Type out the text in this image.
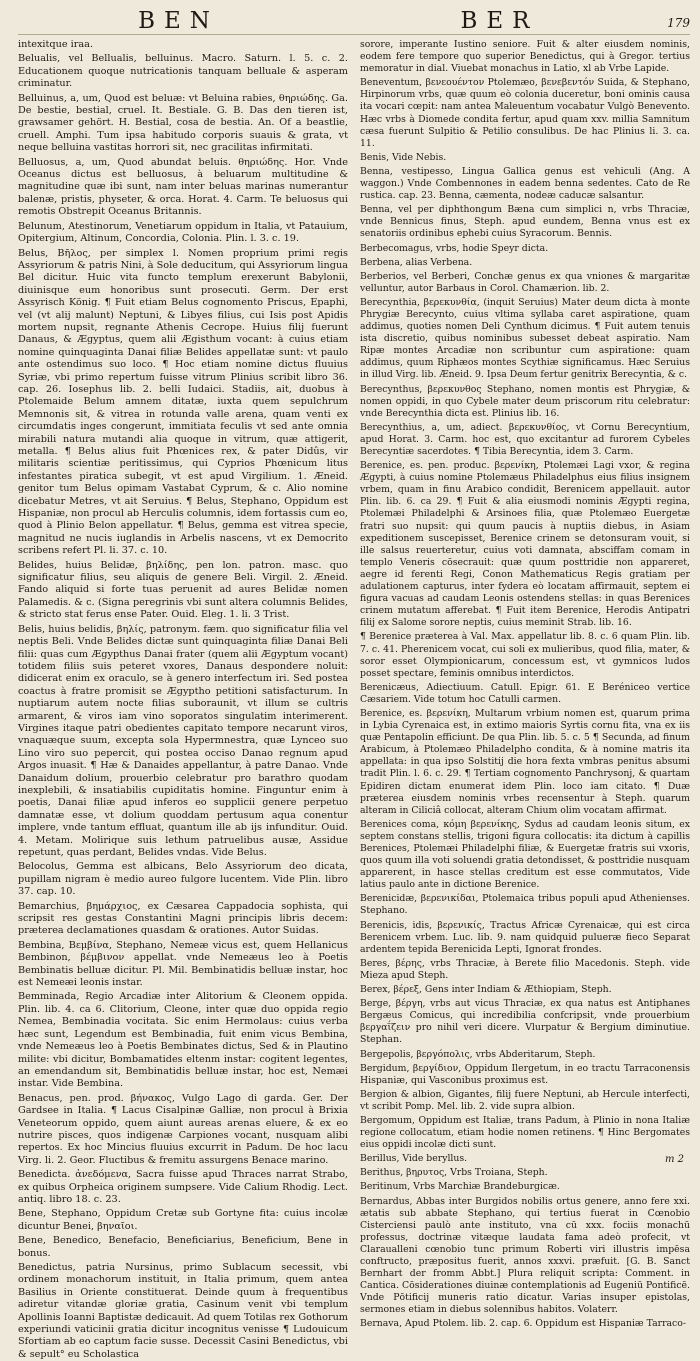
BEN	BER	179

intexitque iraa.

Belualis, vel Bellualis, belluinus. Macro. Saturn. l. 5. c. 2. Educationem quoque nutricationis tanquam belluale & asperam criminatur.

Belluinus, a, um, Quod est beluæ: vt Beluina rabies, θηριώδης. Ga. De bestie, bestial, cruel. It. Bestiale. G. B. Das den tieren ist, grawsamer gehört. H. Bestial, cosa de bestia. An. Of a beastlie, cruell. Amphi. Tum ipsa habitudo corporis suauis & grata, vt neque belluina vastitas horrori sit, nec gracilitas infirmitati.

Belluosus, a, um, Quod abundat beluis. θηριώδης. Hor. Vnde Oceanus dictus est belluosus, à beluarum multitudine & magnitudine quæ ibi sunt, nam inter beluas marinas numerantur balenæ, pristis, physeter, & orca. Horat. 4. Carm. Te beluosus qui remotis Obstrepit Oceanus Britannis.

Belunum, Atestinorum, Venetiarum oppidum in Italia, vt Patauium, Opitergium, Altinum, Concordia, Colonia. Plin. l. 3. c. 19.

Belus, Βῆλος, per simplex l. Nomen proprium primi regis Assyriorum & patris Nini, à Sole deducitum, qui Assyriorum lingua Bel dicitur. Huic vita functo templum erexerunt Babylonii, diuinisque eum honoribus sunt prosecuti. Germ. Der erst Assyrisch König. ¶ Fuit etiam Belus cognomento Priscus, Epaphi, vel (vt alij malunt) Neptuni, & Libyes filius, cui Isis post Apidis mortem nupsit, regnante Athenis Cecrope. Huius filij fuerunt Danaus, & Ægyptus, quem alii Ægisthum vocant: à cuius etiam nomine quinquaginta Danai filiæ Belides appellatæ sunt: vt paulo ante ostendimus suo loco. ¶ Hoc etiam nomine dictus fluuius Syriæ, vbi primo repertum fuisse vitrum Plinius scribit libro 36. cap. 26. Iosephus lib. 2. belli Iudaici. Stadiis, ait, duobus à Ptolemaide Belum amnem ditatæ, iuxta quem sepulchrum Memnonis sit, & vitrea in rotunda valle arena, quam venti ex circumdatis inges congerunt, immitiata feculis vt sed ante omnia mirabili natura mutandi alia quoque in vitrum, quæ attigerit, metalla. ¶ Belus alius fuit Phœnices rex, & pater Didûs, vir militaris scientiæ peritissimus, qui Cyprios Phœnicum litus infestantes piratica subegit, vt est apud Virgilium. 1. Æneid. genitor tum Belus opimam Vastabat Cyprum, & c. Alio nomine dicebatur Metres, vt ait Seruius. ¶ Belus, Stephano, Oppidum est Hispaniæ, non procul ab Herculis columnis, idem fortassis cum eo, quod à Plinio Belon appellatur. ¶ Belus, gemma est vitrea specie, magnitud ne nucis iuglandis in Arbelis nascens, vt ex Democrito scribens refert Pl. li. 37. c. 10.

Belides, huius Belidæ, βηλίδης, pen lon. patron. masc. quo significatur filius, seu aliquis de genere Beli. Virgil. 2. Æneid. Fando aliquid si forte tuas peruenit ad aures Belidæ nomen Palamedis. & c. (Signa peregrinis vbi sunt altera columnis Belides, & stricto stat ferus ense Pater. Ouid. Eleg. 1. li. 3 Trist.

Belis, huius belidis, βηλίς, patronym. fæm. quo significatur filia vel neptis Beli. Vnde Belides dictæ sunt quinquaginta filiæ Danai Beli filii: quas cum Ægypthus Danai frater (quem alii Ægyptum vocant) totidem filiis suis peteret vxores, Danaus desponderе noluit: didicerat enim ex oraculo, se à genero interfectum iri. Sed postea coactus à fratre promisit se Ægyptho petitioni satisfacturum. In nuptiarum autem nocte filias suboraunit, vt illum se cultris armarent, & viros iam vino soporatos singulatim interimerent. Virgines itaque patri obedientes capitato tempore necarunt viros, vnaquæque suum, exceptа sola Hypermnestra, quæ Lynceo suo Lino viro suo pepercit, qui postea occiso Danao regnum apud Argos inuasit. ¶ Hæ & Danaides appellantur, à patre Danao. Vnde Danaidum dolium, prouerbio celebratur pro barathro quodam inexplebili, & insatiabilis cupiditatis homine. Finguntur enim à poetis, Danai filiæ apud inferos eo supplicii genere perpetuo damnatæ esse, vt dolium quoddam pertusum aqua conentur implere, vnde tantum effluat, quantum ille ab ijs infunditur. Ouid. 4. Metam. Molirique suis lethum patruelibus ausæ, Assidue repetunt, quas perdant, Belides vndas. Vide Belus.

Belocolus, Gemma est albicans, Belo Assyriorum deo dicata, pupillam nigram è medio aureo fulgore lucentem. Vide Plin. libro 37. cap. 10.

Bemarchius, βημάρχιος, ex Cæsarea Cappadocia sophista, qui scripsit res gestas Constantini Magni principis libris decem: præterea declamationes quasdam & orationes. Autor Suidas.

Bembina, Βεμβίνα, Stephano, Nemeæ vicus est, quem Hellanicus Bembinon, βέμβινον appellat. vnde Nemeæus leo à Poetis Bembinatis belluæ dicitur. Pl. Mil. Bembinatidis belluæ instar, hoc est Nemeæi leonis instar.

Bemminada, Regio Arcadiæ inter Alitorium & Cleonem oppida. Plin. lib. 4. ca 6. Clitorium, Cleone, inter quæ duo oppida regio Nemea, Bembinadia vocitata. Sic enim Hermolaus: cuius verba hæc sunt, Legendum est Bembinadia, fuit enim vicus Bembina, vnde Nemeæus leo à Poetis Bembinates dictus, Sed & in Plautino milite: vbi dicitur, Bombamatides eltenm instar: cogitent legentes, an emendandum sit, Bembinatidis belluæ instar, hoc est, Nemæi instar. Vide Bembina.

Benacus, pen. prod. βήνακος, Vulgo Lago di garda. Ger. Der Gardsee in Italia. ¶ Lacus Cisalpinæ Galliæ, non procul à Brixia Veneteorum oppido, quem aiunt aureas arenas eluere, & ex eo nutrire pisces, quos indigenæ Carpiones vocant, nusquam alibi repertos. Ex hoc Mincius fluuius excurrit in Padum. De hoc lacu Virg. li. 2. Geor. Fluctibus & fremitu assurgens Benace marino.

Benedicta. ἀνεδόμενα, Sacra fuisse apud Thraces narrat Strabo, ex quibus Orpheica originem sumpsere. Vide Calium Rhodig. Lect. antiq. libro 18. c. 23.

Bene, Stephano, Oppidum Cretæ sub Gortyne fita: cuius incolæ dicuntur Benei, βηναῖοι.

Bene, Benedico, Benefacio, Beneficiarius, Beneficium, Bene in bonus.

Benedictus, patria Nursinus, primo Sublacum secessit, vbi ordinem monachorum instituit, in Italia primum, quem antea Basilius in Oriente constituerat. Deinde quum à frequentibus adiretur vitandæ gloriæ gratia, Casinum venit vbi templum Apollinis Ioanni Baptistæ dedicauit. Ad quem Totilas rex Gothorum experiundi vaticinii gratia dicitur incognitus venisse ¶ Ludouicum Sfortiam ab eo captum facie susse. Decessit Casini Benedictus, vbi & sepult° eu Scholastica

sorore, imperante Iustino seniore. Fuit & alter eiusdem nominis, eodem fere tempore quo superior Benedictus, qui à Gregor. tertius memoratur in dial. Viuebat monachus in Latio, xl ab Vrbe Lapide.

Beneventum, βενεουέντον Ptolemæo, βενεβεντόν Suida, & Stephano, Hirpinorum vrbs, quæ quum eò colonia duceretur, boni ominis causa ita vocari cœpit: nam antea Maleuentum vocabatur Vulgò Benevento. Hæc vrbs à Diomede condita fertur, apud quam xxv. millia Samnitum cæsa fuerunt Sulpitio & Petilio consulibus. De hac Plinius li. 3. ca. 11.

Benis, Vide Nebis.

Benna, vestipesso, Lingua Gallica genus est vehiculi (Ang. A waggon.) Vnde Combennones in eadem benna sedentes. Cato de Re rustica. cap. 23. Benna, cæmenta, nodeæ caducæ salsantur.

Benna, vel per diphthongum Bæna cum simplici n, vrbs Thraciæ, vnde Bennicus finus, Steph. apud eundem, Benna vnus est ex senatoriis ordinibus ephebi cuius Syracorum. Bennis.

Berbecomagus, vrbs, hodie Speyr dicta.

Berbena, alias Verbena.

Berberios, vel Berberi, Conchæ genus ex qua vniones & margaritæ velluntur, autor Barbaus in Corol. Chamærion. lib. 2.

Berecynthia, βερεκυνθία, (inquit Seruius) Mater deum dicta à monte Phrygiæ Berecynto, cuius vltima syllaba caret aspiratione, quam addimus, quoties nomen Deli Cynthum dicimus. ¶ Fuit autem tenuis ista discretio, quibus nominibus subesset debeat aspiratio. Nam Ripæ montes Arcadiæ non scribuntur cum aspiratione: quam addimus, quum Riphæos montes Scythiæ significamus. Hæc Seruius in illud Virg. lib. Æneid. 9. Ipsa Deum fertur genitrix Berecyntia, & c.

Berecynthus, βερεκυνθος Stephano, nomen montis est Phrygiæ, & nomen oppidi, in quo Cybele mater deum priscorum ritu celebratur: vnde Berecynthia dicta est. Plinius lib. 16.

Berecynthius, a, um, adiect. βερεκυνθίος, vt Cornu Berecyntium, apud Horat. 3. Carm. hoc est, quo excitantur ad furorem Cybeles Berecyntiæ sacerdotes. ¶ Tibia Berecyntia, idem 3. Carm.

Berenice, es. pen. produc. βερενίκη, Ptolemæi Lagi vxor, & regina Ægypti, à cuius nomine Ptolemæus Philadelphus eius filius insignem vrbem, quam in finu Arabico condidit, Berenicem appellauit. autor Plin. lib. 6. ca 29. ¶ Fuit & alia eiusmodi nominis Ægypti regina, Ptolemæi Philadelphi & Arsinoes filia, quæ Ptolemæo Euergetæ fratri suo nupsit: qui quum paucis à nuptiis diebus, in Asiam expeditionem suscepisset, Berenice crinem se detonsuram vouit, si ille salsus reuerteretur, cuius voti damnata, absciffam comam in templo Veneris cōsecrauit: quæ quum posttridie non appareret, aegre id ferenti Regi, Conon Mathematicus Regis gratiam per adulationem capturus, inter fydera eò locatam affirmauit, septem ei figura vacuas ad caudam Leonis ostendens stellas: in quas Berenices crinem mutatum afferebat. ¶ Fuit item Berenice, Herodis Antipatri filij ex Salome sorore neptis, cuius meminit Strab. lib. 16.

¶ Berenice præterea à Val. Max. appellatur lib. 8. c. 6 quam Plin. lib. 7. c. 41. Pherenicem vocat, cui soli ex mulieribus, quod filia, mater, & soror esset Olympionicarum, concessum est, vt gymnicos ludos posset spectare, feminis omnibus interdictos.

Berenicæus, Adiectiuum. Catull. Epigr. 61. E Beréniceo vertice Cæsariem. Vide totum hoc Catulli carmen.

Berenice, es. βερενίκη, Multarum vrbium nomen est, quarum prima in Lybia Cyrenaica est, in extimo maioris Syrtis cornu fita, vna ex iis quæ Pentapolin efficiunt. De qua Plin. lib. 5. c. 5 ¶ Secunda, ad finum Arabicum, à Ptolemæo Philadelpho condita, & à nomine matris ita appellata: in qua ipso Solstitij die hora fexta vmbras penitus absumi tradit Plin. l. 6. c. 29. ¶ Tertiam cognomento Panchrysonj, & quartam Epidiren dictam enumerat idem Plin. loco iam citato. ¶ Duæ præterea eiusdem nominis vrbes recensentur à Steph. quarum alteram in Ciliciâ collocat, alteram Chium olim vocatam affirmat.

Berenices coma, κόμη βερενίκης, Sydus ad caudam leonis situm, ex septem constans stellis, trigoni figura collocatis: ita dictum à capillis Berenices, Ptolemæi Philadelphi filiæ, & Euergetæ fratris sui vxoris, quos quum illa voti soluendi gratia detondisset, & posttridie nusquam apparerent, in hasce stellas creditum est esse commutatos, Vide latius paulo ante in dictione Berenice.

Berenicidæ, βερενικίδαι, Ptolemaica tribus populi apud Athenienses. Stephano.

Berenicis, idis, βερενικίς, Tractus Africæ Cyrenaicæ, qui est circa Berenicem vrbem. Luc. lib. 9. nam quidquid pulueræ fieco Separat ardentem tepida Berenicida Lepti, Ignorat frondes.

Beres, βέρης, vrbs Thraciæ, à Berete filio Macedonis. Steph. vide Mieza apud Steph.

Berex, βέρεξ, Gens inter Indiam & Æthiopiam, Steph.

Berge, βέργη, vrbs aut vicus Thraciæ, ex qua natus est Antiphanes Bergæus Comicus, qui incredibilia confcripsit, vnde prouerbium βεργαΐζειν pro nihil veri dicere. Vlurpatur & Bergium diminutiue. Stephan.

Bergepolis, βεργόπολις, vrbs Abderitarum, Steph.

Bergidum, βεργίδιον, Oppidum Ilergetum, in eo tractu Tarraconensis Hispaniæ, qui Vasconibus proximus est.

Bergion & albion, Gigantes, filij fuere Neptuni, ab Hercule interfecti, vt scribit Pomp. Mel. lib. 2. vide supra albion.

Bergomum, Oppidum est Italiæ, trans Padum, à Plinio in nona Italiæ regione collocatum, etiam hodie nomen retinens. ¶ Hinc Bergomates eius oppidi incolæ dicti sunt.

Berillus, Vide beryllus.

Berithus, βηρυτος, Vrbs Troiana, Steph.

Beritinum, Vrbs Marchiæ Brandeburgicæ.

Bernardus, Abbas inter Burgidos nobilis ortus genere, anno fere xxi. ætatis sub abbate Stephano, qui tertius fuerat in Cœnobio Cisterciensi paulò ante instituto, vna cū xxx. fociis monachū professus, doctrinæ vitæque laudata fama adeò profecit, vt Claraualleni cœnobio tunc primum Roberti viri illustris impēsa conftructo, præpositus fuerit, annos xxxvi. præfuit. [G. B. Sanct Bernhart der fromm Abbt.] Plura reliquit scripta: Comment. in Cantica. Cōsiderationes diuinæ contemplationis ad Eugeniū Pontificē. Vnde Pōtificij muneris ratio dicatur. Varias insuper epistolas, sermones etiam in diebus solennibus habitos. Volaterr.

Bernava, Apud Ptolem. lib. 2. cap. 6. Oppidum est Hispaniæ Tarraco-

m 2
